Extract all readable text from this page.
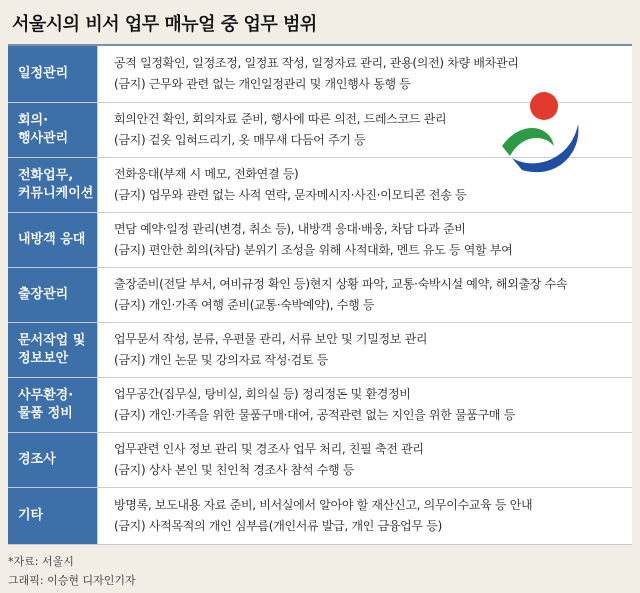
서울시의 비서 업무 매뉴얼 중 업무 범위
일정관리
공적 일정확인, 일정조정, 일정표 작성, 일정자료 관리, 관용(의전) 차량 배차관리
(금지) 근무와 관련 없는 개인일정관리 및 개인행사 동행 등
회의·
행사관리
회의안건 확인, 회의자료 준비, 행사에 따른 의전, 드레스코드 관리
(금지) 겉옷 입혀드리기, 옷 매무새 다듬어 주기 등
전화업무,
커뮤니케이션
전화응대(부재 시 메모, 전화연결 등)
(금지) 업무와 관련 없는 사적 연락, 문자메시지·사진·이모티콘 전송 등
내방객 응대
면담 예약·일정 관리(변경, 취소 등), 내방객 응대·배웅, 차담 다과 준비
(금지) 편안한 회의(차담) 분위기 조성을 위해 사적대화, 멘트 유도 등 역할 부여
출장관리
출장준비(전달 부서, 여비규정 확인 등)현지 상황 파악, 교통·숙박시설 예약, 해외출장 수속
(금지) 개인·가족 여행 준비(교통·숙박예약), 수행 등
문서작업 및
정보보안
업무문서 작성, 분류, 우편물 관리, 서류 보안 및 기밀정보 관리
(금지) 개인 논문 및 강의자료 작성·검토 등
사무환경·
물품 정비
업무공간(집무실, 탕비실, 회의실 등) 정리정돈 및 환경정비
(금지) 개인·가족을 위한 물품구매·대여, 공적관련 없는 지인을 위한 물품구매 등
경조사
업무관련 인사 정보 관리 및 경조사 업무 처리, 친필 축전 관리
(금지) 상사 본인 및 친인척 경조사 참석 수행 등
기타
방명록, 보도내용 자료 준비, 비서실에서 알아야 할 재산신고, 의무이수교육 등 안내
(금지) 사적목적의 개인 심부름(개인서류 발급, 개인 금융업무 등)
*자료: 서울시
그래픽: 이승현 디자인기자
